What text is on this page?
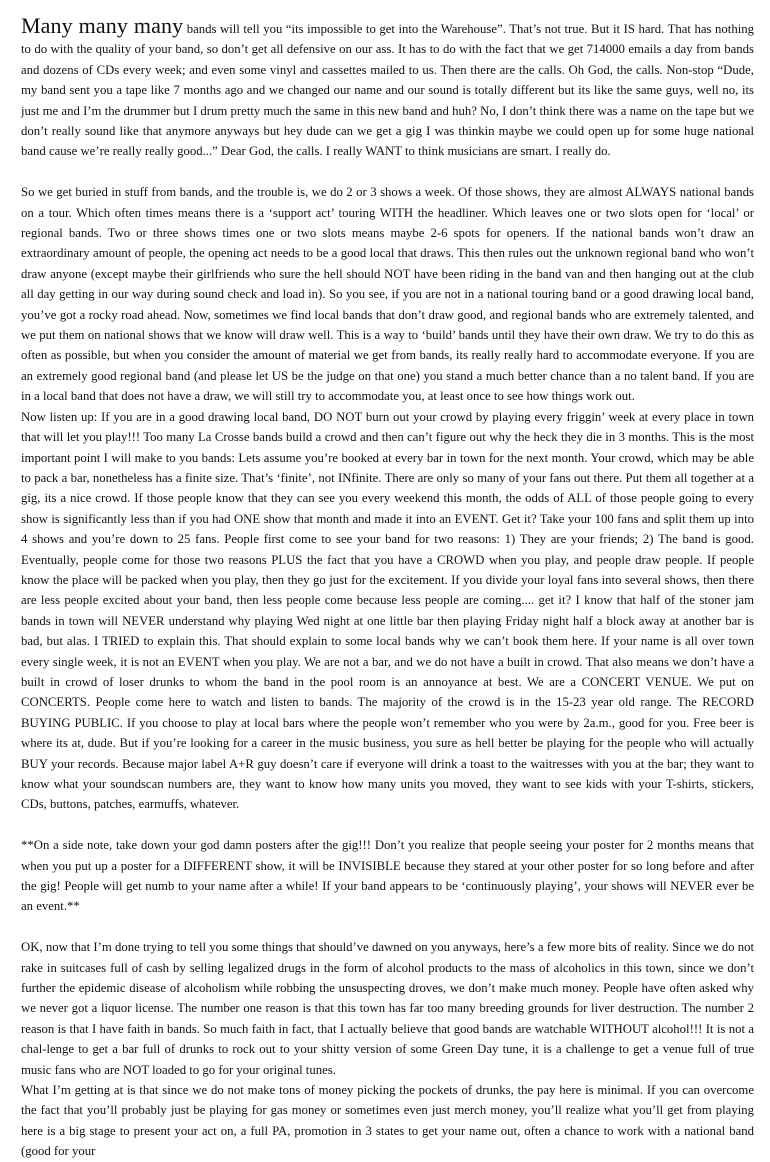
Many many many bands will tell you “its impossible to get into the Warehouse”. That’s not true. But it IS hard. That has nothing to do with the quality of your band, so don’t get all defensive on our ass. It has to do with the fact that we get 714000 emails a day from bands and dozens of CDs every week; and even some vinyl and cassettes mailed to us. Then there are the calls. Oh God, the calls. Non-stop “Dude, my band sent you a tape like 7 months ago and we changed our name and our sound is totally different but its like the same guys, well no, its just me and I’m the drummer but I drum pretty much the same in this new band and huh? No, I don’t think there was a name on the tape but we don’t really sound like that anymore anyways but hey dude can we get a gig I was thinkin maybe we could open up for some huge national band cause we’re really really good...” Dear God, the calls. I really WANT to think musicians are smart. I really do.

So we get buried in stuff from bands, and the trouble is, we do 2 or 3 shows a week. Of those shows, they are almost ALWAYS national bands on a tour. Which often times means there is a ‘support act’ touring WITH the headliner. Which leaves one or two slots open for ‘local’ or regional bands. Two or three shows times one or two slots means maybe 2-6 spots for openers. If the national bands won’t draw an extraordinary amount of people, the opening act needs to be a good local that draws. This then rules out the unknown regional band who won’t draw anyone (except maybe their girlfriends who sure the hell should NOT have been riding in the band van and then hanging out at the club all day getting in our way during sound check and load in). So you see, if you are not in a national touring band or a good drawing local band, you’ve got a rocky road ahead. Now, sometimes we find local bands that don’t draw good, and regional bands who are extremely talented, and we put them on national shows that we know will draw well. This is a way to ‘build’ bands until they have their own draw. We try to do this as often as possible, but when you consider the amount of material we get from bands, its really really hard to accommodate everyone. If you are an extremely good regional band (and please let US be the judge on that one) you stand a much better chance than a no talent band. If you are in a local band that does not have a draw, we will still try to accommodate you, at least once to see how things work out.

Now listen up: If you are in a good drawing local band, DO NOT burn out your crowd by playing every friggin’ week at every place in town that will let you play!!! Too many La Crosse bands build a crowd and then can’t figure out why the heck they die in 3 months. This is the most important point I will make to you bands: Lets assume you’re booked at every bar in town for the next month. Your crowd, which may be able to pack a bar, nonetheless has a finite size. That’s ‘finite’, not INfinite. There are only so many of your fans out there. Put them all together at a gig, its a nice crowd. If those people know that they can see you every weekend this month, the odds of ALL of those people going to every show is significantly less than if you had ONE show that month and made it into an EVENT. Get it? Take your 100 fans and split them up into 4 shows and you’re down to 25 fans. People first come to see your band for two reasons: 1) They are your friends; 2) The band is good. Eventually, people come for those two reasons PLUS the fact that you have a CROWD when you play, and people draw people. If people know the place will be packed when you play, then they go just for the excitement. If you divide your loyal fans into several shows, then there are less people excited about your band, then less people come because less people are coming.... get it? I know that half of the stoner jam bands in town will NEVER understand why playing Wed night at one little bar then playing Friday night half a block away at another bar is bad, but alas. I TRIED to explain this. That should explain to some local bands why we can’t book them here. If your name is all over town every single week, it is not an EVENT when you play. We are not a bar, and we do not have a built in crowd. That also means we don’t have a built in crowd of loser drunks to whom the band in the pool room is an annoyance at best. We are a CONCERT VENUE. We put on CONCERTS. People come here to watch and listen to bands. The majority of the crowd is in the 15-23 year old range. The RECORD BUYING PUBLIC. If you choose to play at local bars where the people won’t remember who you were by 2a.m., good for you. Free beer is where its at, dude. But if you’re looking for a career in the music business, you sure as hell better be playing for the people who will actually BUY your records. Because major label A+R guy doesn’t care if everyone will drink a toast to the waitresses with you at the bar; they want to know what your soundscan numbers are, they want to know how many units you moved, they want to see kids with your T-shirts, stickers, CDs, buttons, patches, earmuffs, whatever.

**On a side note, take down your god damn posters after the gig!!! Don’t you realize that people seeing your poster for 2 months means that when you put up a poster for a DIFFERENT show, it will be INVISIBLE because they stared at your other poster for so long before and after the gig! People will get numb to your name after a while! If your band appears to be ‘continuously playing’, your shows will NEVER ever be an event.**

OK, now that I’m done trying to tell you some things that should’ve dawned on you anyways, here’s a few more bits of reality. Since we do not rake in suitcases full of cash by selling legalized drugs in the form of alcohol products to the mass of alcoholics in this town, since we don’t further the epidemic disease of alcoholism while robbing the unsuspecting droves, we don’t make much money. People have often asked why we never got a liquor license. The number one reason is that this town has far too many breeding grounds for liver destruction. The number 2 reason is that I have faith in bands. So much faith in fact, that I actually believe that good bands are watchable WITHOUT alcohol!!! It is not a chal-lenge to get a bar full of drunks to rock out to your shitty version of some Green Day tune, it is a challenge to get a venue full of true music fans who are NOT loaded to go for your original tunes.

What I’m getting at is that since we do not make tons of money picking the pockets of drunks, the pay here is minimal. If you can overcome the fact that you’ll probably just be playing for gas money or sometimes even just merch money, you’ll realize what you’ll get from playing here is a big stage to present your act on, a full PA, promotion in 3 states to get your name out, often a chance to work with a national band (good for your
